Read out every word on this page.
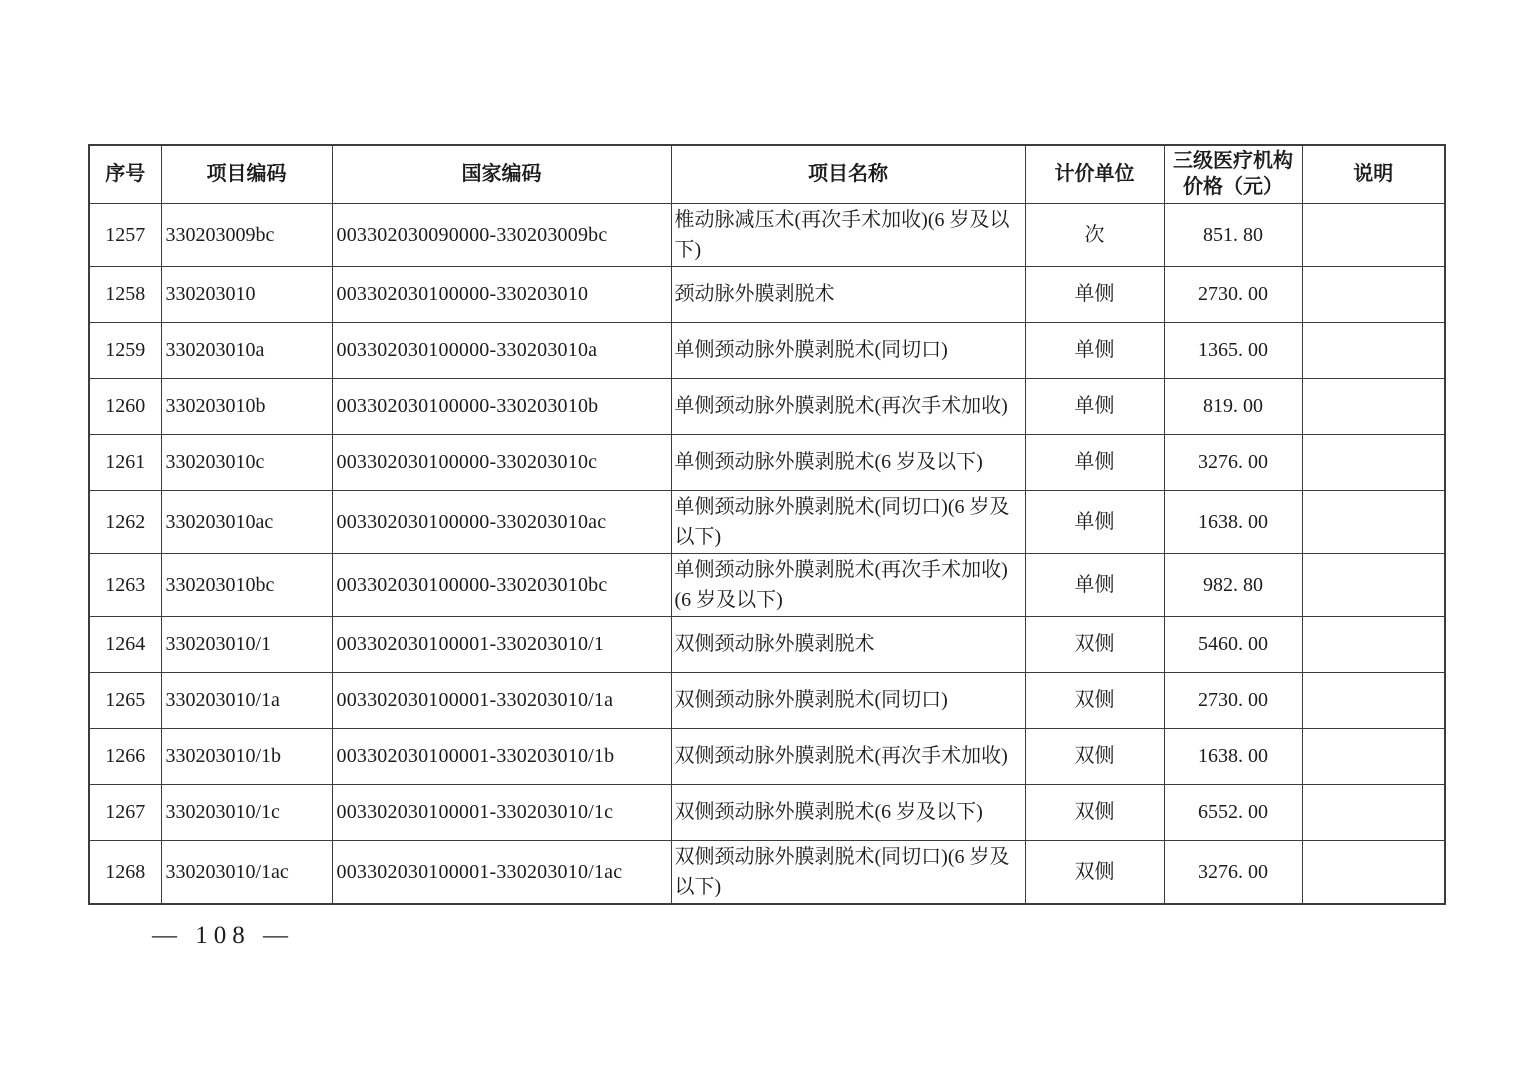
序号	项目编码	国家编码	项目名称	计价单位	三级医疗机构价格（元）	说明
1257	330203009bc	003302030090000-330203009bc	椎动脉减压术(再次手术加收)(6 岁及以下)	次	851. 80	
1258	330203010	003302030100000-330203010	颈动脉外膜剥脱术	单侧	2730. 00	
1259	330203010a	003302030100000-330203010a	单侧颈动脉外膜剥脱术(同切口)	单侧	1365. 00	
1260	330203010b	003302030100000-330203010b	单侧颈动脉外膜剥脱术(再次手术加收)	单侧	819. 00	
1261	330203010c	003302030100000-330203010c	单侧颈动脉外膜剥脱术(6 岁及以下)	单侧	3276. 00	
1262	330203010ac	003302030100000-330203010ac	单侧颈动脉外膜剥脱术(同切口)(6 岁及以下)	单侧	1638. 00	
1263	330203010bc	003302030100000-330203010bc	单侧颈动脉外膜剥脱术(再次手术加收)(6 岁及以下)	单侧	982. 80	
1264	330203010/1	003302030100001-330203010/1	双侧颈动脉外膜剥脱术	双侧	5460. 00	
1265	330203010/1a	003302030100001-330203010/1a	双侧颈动脉外膜剥脱术(同切口)	双侧	2730. 00	
1266	330203010/1b	003302030100001-330203010/1b	双侧颈动脉外膜剥脱术(再次手术加收)	双侧	1638. 00	
1267	330203010/1c	003302030100001-330203010/1c	双侧颈动脉外膜剥脱术(6 岁及以下)	双侧	6552. 00	
1268	330203010/1ac	003302030100001-330203010/1ac	双侧颈动脉外膜剥脱术(同切口)(6 岁及以下)	双侧	3276. 00	
— 108 —
